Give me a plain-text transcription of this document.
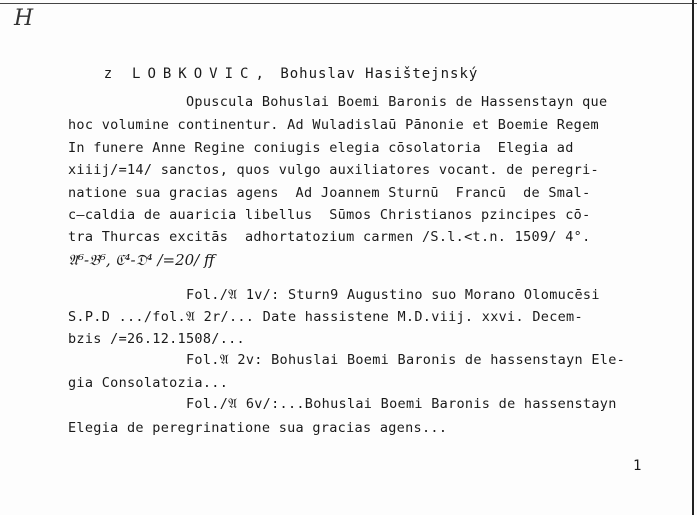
H

z LOBKOVIC, Bohuslav Hasištejnský

Opuscula Bohuslai Boemi Baronis de Hassenstayn que
hoc volumine continentur. Ad Wuladislaū Pānonie et Boemie Regem
In funere Anne Regine coniugis elegia cōsolatoria  Elegia ad
xiiij/=14/ sanctos, quos vulgo auxiliatores vocant. de peregri-
natione sua gracias agens  Ad Joannem Sturnū  Francū  de Smal-
c—caldia de auaricia libellus  Sūmos Christianos pzincipes cō-
tra Thurcas excitās  adhortatozium carmen /S.l.<t.n. 1509/ 4°.
𝔄⁶-𝔅⁶, ℭ⁴-𝔇⁴ /=20/ ff
Fol./𝔄 1v/: Sturn9 Augustino suo Morano Olomucēsi
S.P.D ...∕fol.𝔄 2r/... Date hassistene M.D.viij. xxvi. Decem-
bzis /=26.12.1508/...
Fol.𝔄 2v: Bohuslai Boemi Baronis de hassenstayn Ele-
gia Consolatozia...
Fol./𝔄 6v/:...Bohuslai Boemi Baronis de hassenstayn
Elegia de peregrinatione sua gracias agens...
1
